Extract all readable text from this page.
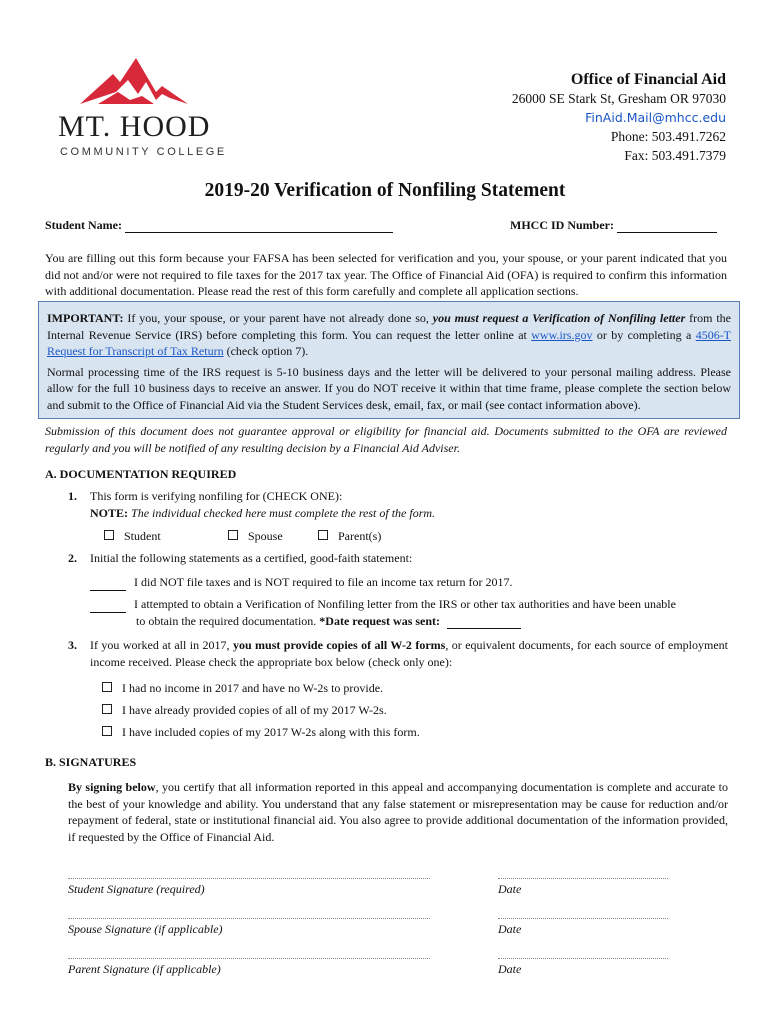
MT. HOOD
COMMUNITY COLLEGE
Office of Financial Aid
26000 SE Stark St, Gresham OR 97030
FinAid.Mail@mhcc.edu
Phone: 503.491.7262
Fax: 503.491.7379
2019-20 Verification of Nonfiling Statement
Student Name:	MHCC ID Number:

You are filling out this form because your FAFSA has been selected for verification and you, your spouse, or your parent indicated that you did not and/or were not required to file taxes for the 2017 tax year. The Office of Financial Aid (OFA) is required to confirm this information with additional documentation. Please read the rest of this form carefully and complete all application sections.

IMPORTANT: If you, your spouse, or your parent have not already done so, you must request a Verification of Nonfiling letter from the Internal Revenue Service (IRS) before completing this form. You can request the letter online at www.irs.gov or by completing a 4506-T Request for Transcript of Tax Return (check option 7).

Normal processing time of the IRS request is 5-10 business days and the letter will be delivered to your personal mailing address. Please allow for the full 10 business days to receive an answer. If you do NOT receive it within that time frame, please complete the section below and submit to the Office of Financial Aid via the Student Services desk, email, fax, or mail (see contact information above).

Submission of this document does not guarantee approval or eligibility for financial aid. Documents submitted to the OFA are reviewed regularly and you will be notified of any resulting decision by a Financial Aid Adviser.

A. DOCUMENTATION REQUIRED
1. This form is verifying nonfiling for (CHECK ONE):
NOTE: The individual checked here must complete the rest of the form.
Student	Spouse	Parent(s)
2. Initial the following statements as a certified, good-faith statement:
I did NOT file taxes and is NOT required to file an income tax return for 2017.
I attempted to obtain a Verification of Nonfiling letter from the IRS or other tax authorities and have been unable
to obtain the required documentation. *Date request was sent:
3. If you worked at all in 2017, you must provide copies of all W-2 forms, or equivalent documents, for each source of employment income received. Please check the appropriate box below (check only one):
I had no income in 2017 and have no W-2s to provide.
I have already provided copies of all of my 2017 W-2s.
I have included copies of my 2017 W-2s along with this form.
B. SIGNATURES

By signing below, you certify that all information reported in this appeal and accompanying documentation is complete and accurate to the best of your knowledge and ability. You understand that any false statement or misrepresentation may be cause for reduction and/or repayment of federal, state or institutional financial aid. You also agree to provide additional documentation of the information provided, if requested by the Office of Financial Aid.

Student Signature (required)	Date
Spouse Signature (if applicable)	Date
Parent Signature (if applicable)	Date
